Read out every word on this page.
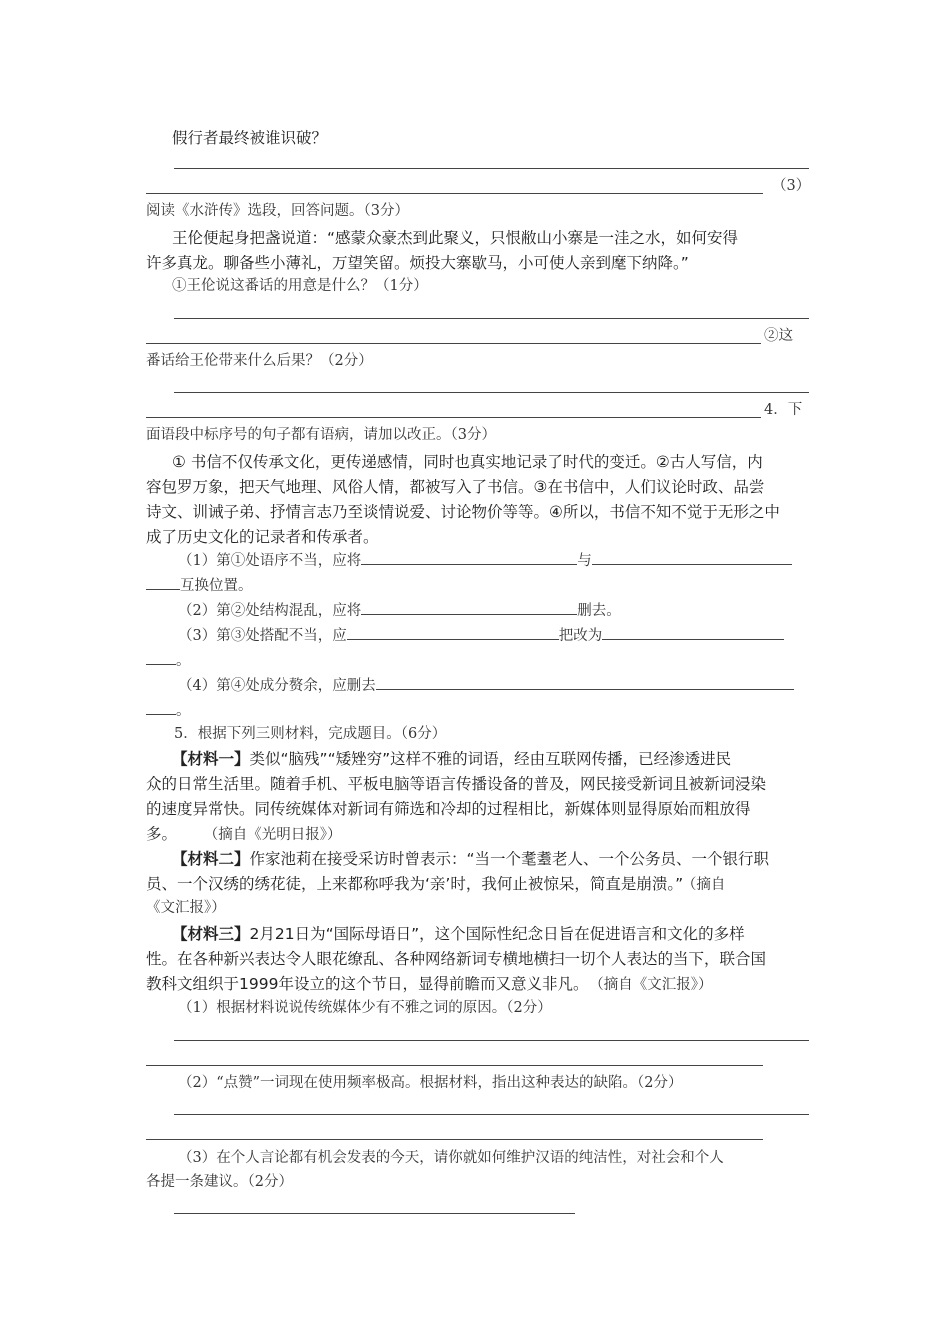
假行者最终被谁识破？
（3）
阅读《水浒传》选段，回答问题。（3分）
王伦便起身把盏说道：“感蒙众豪杰到此聚义，只恨敝山小寨是一洼之水，如何安得
许多真龙。聊备些小薄礼，万望笑留。烦投大寨歇马，小可使人亲到麾下纳降。”
①王伦说这番话的用意是什么？（1分）
②这
番话给王伦带来什么后果？（2分）
4．下
面语段中标序号的句子都有语病，请加以改正。（3分）
① 书信不仅传承文化，更传递感情，同时也真实地记录了时代的变迁。②古人写信，内
容包罗万象，把天气地理、风俗人情，都被写入了书信。③在书信中，人们议论时政、品尝
诗文、训诫子弟、抒情言志乃至谈情说爱、讨论物价等等。④所以，书信不知不觉于无形之中
成了历史文化的记录者和传承者。
（1）第①处语序不当，应将	与
互换位置。
（2）第②处结构混乱，应将	删去。
（3）第③处搭配不当，应	把改为
。
（4）第④处成分赘余，应删去
。
5．根据下列三则材料，完成题目。（6分）
【材料一】类似“脑残”“矮矬穷”这样不雅的词语，经由互联网传播，已经渗透进民
众的日常生活里。随着手机、平板电脑等语言传播设备的普及，网民接受新词且被新词浸染
的速度异常快。同传统媒体对新词有筛选和冷却的过程相比，新媒体则显得原始而粗放得
多。 （摘自《光明日报》）
【材料二】作家池莉在接受采访时曾表示：“当一个耄耋老人、一个公务员、一个银行职
员、一个汉绣的绣花徒，上来都称呼我为‘亲’时，我何止被惊呆，简直是崩溃。” （摘自
《文汇报》）
【材料三】2月21日为“国际母语日”，这个国际性纪念日旨在促进语言和文化的多样
性。在各种新兴表达令人眼花缭乱、各种网络新词专横地横扫一切个人表达的当下，联合国
教科文组织于1999年设立的这个节日，显得前瞻而又意义非凡。 （摘自《文汇报》）
（1）根据材料说说传统媒体少有不雅之词的原因。（2分）
（2）“点赞”一词现在使用频率极高。根据材料，指出这种表达的缺陷。（2分）
（3）在个人言论都有机会发表的今天，请你就如何维护汉语的纯洁性，对社会和个人
各提一条建议。（2分）
